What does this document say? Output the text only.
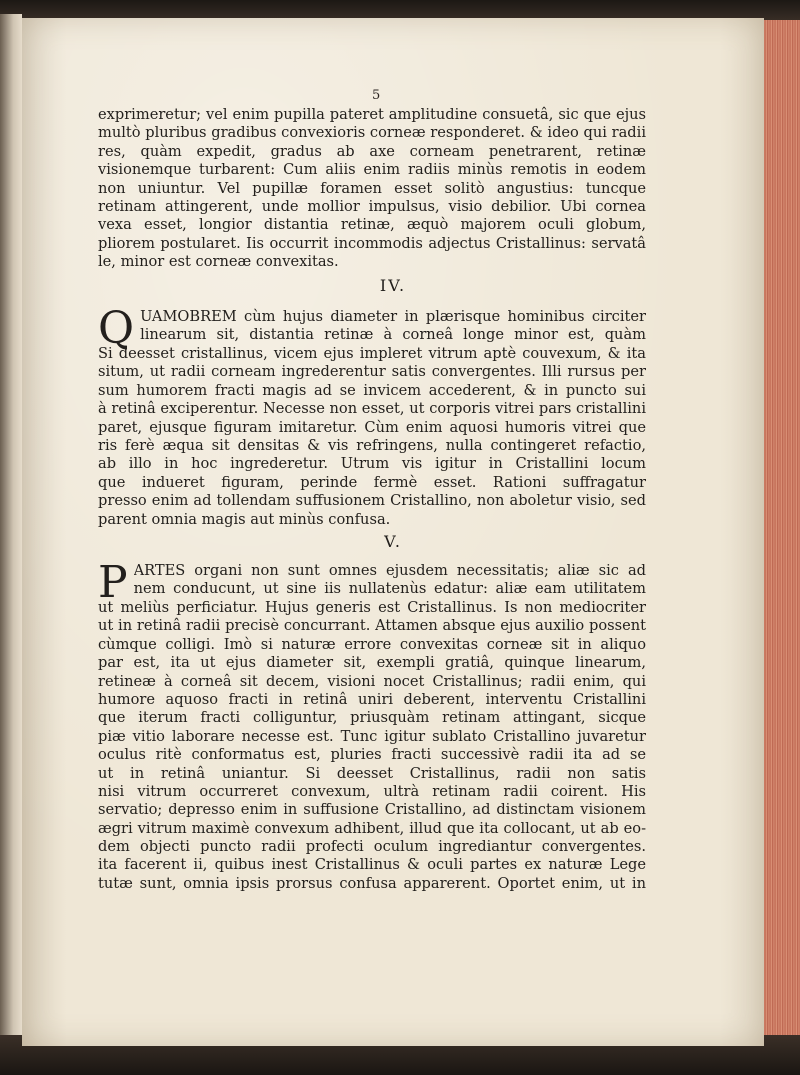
5
exprimeretur; vel enim pupilla pateret amplitudine consuetâ, sic que ejus
multò pluribus gradibus convexioris corneæ responderet. & ideo qui radii
res, quàm expedit, gradus ab axe corneam penetrarent, retinæ
visionemque turbarent: Cum aliis enim radiis minùs remotis in eodem
non uniuntur. Vel pupillæ foramen esset solitò angustius: tuncque
retinam attingerent, unde mollior impulsus, visio debilior. Ubi cornea
vexa esset, longior distantia retinæ, æquò majorem oculi globum,
pliorem postularet. Iis occurrit incommodis adjectus Cristallinus: servatâ
le, minor est corneæ convexitas.
IV.
Q UAMOBREM cùm hujus diameter in plærisque hominibus circiter
linearum sit, distantia retinæ à corneâ longe minor est, quàm
Si deesset cristallinus, vicem ejus impleret vitrum aptè couvexum, & ita
situm, ut radii corneam ingrederentur satis convergentes. Illi rursus per
sum humorem fracti magis ad se invicem accederent, & in puncto sui
à retinâ exciperentur. Necesse non esset, ut corporis vitrei pars cristallini
paret, ejusque figuram imitaretur. Cùm enim aquosi humoris vitrei que
ris ferè æqua sit densitas & vis refringens, nulla contingeret refactio,
ab illo in hoc ingrederetur. Utrum vis igitur in Cristallini locum
que indueret figuram, perinde fermè esset. Rationi suffragatur
presso enim ad tollendam suffusionem Cristallino, non aboletur visio, sed
parent omnia magis aut minùs confusa.
V.
P ARTES organi non sunt omnes ejusdem necessitatis; aliæ sic ad
nem conducunt, ut sine iis nullatenùs edatur: aliæ eam utilitatem
ut meliùs perficiatur. Hujus generis est Cristallinus. Is non mediocriter
ut in retinâ radii precisè concurrant. Attamen absque ejus auxilio possent
cùmque colligi. Imò si naturæ errore convexitas corneæ sit in aliquo
par est, ita ut ejus diameter sit, exempli gratiâ, quinque linearum,
retineæ à corneâ sit decem, visioni nocet Cristallinus; radii enim, qui
humore aquoso fracti in retinâ uniri deberent, interventu Cristallini
que iterum fracti colliguntur, priusquàm retinam attingant, sicque
piæ vitio laborare necesse est. Tunc igitur sublato Cristallino juvaretur
oculus ritè conformatus est, pluries fracti successivè radii ita ad se
ut in retinâ uniantur. Si deesset Cristallinus, radii non satis
nisi vitrum occurreret convexum, ultrà retinam radii coirent. His
servatio; depresso enim in suffusione Cristallino, ad distinctam visionem
ægri vitrum maximè convexum adhibent, illud que ita collocant, ut ab eo-
dem objecti puncto radii profecti oculum ingrediantur convergentes.
ita facerent ii, quibus inest Cristallinus & oculi partes ex naturæ Lege
tutæ sunt, omnia ipsis prorsus confusa apparerent. Oportet enim, ut in
